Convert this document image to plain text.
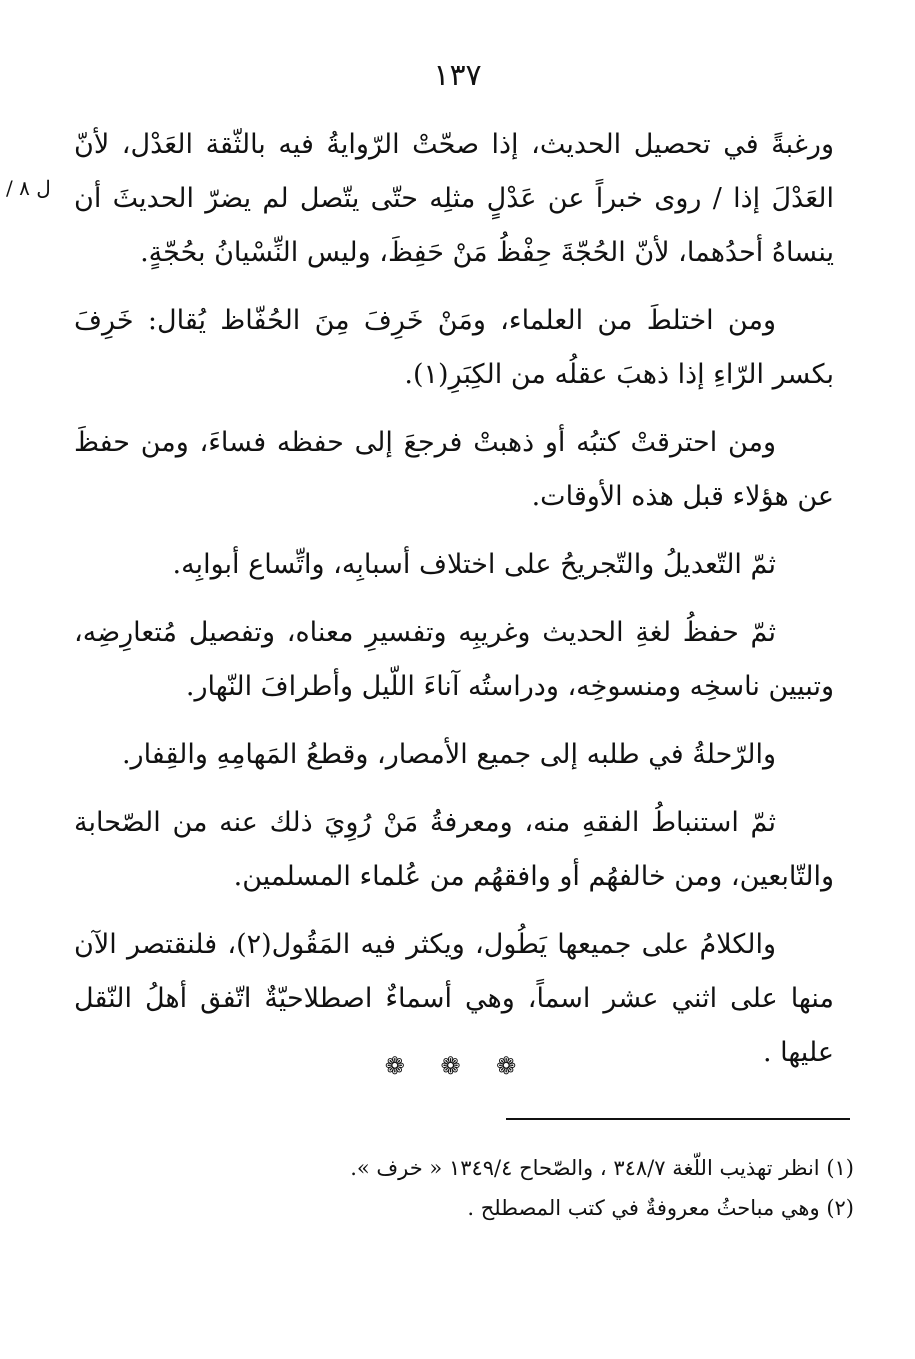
١٣٧
ل ٨ /

ورغبةً في تحصيل الحديث، إذا صحّتْ الرّوايةُ فيه بالثّقة العَدْل، لأنّ العَدْلَ إذا / روى خبراً عن عَدْلٍ مثلِه حتّى يتّصل لم يضرّ الحديثَ أن ينساهُ أحدُهما، لأنّ الحُجّةَ حِفْظُ مَنْ حَفِظَ، وليس النِّسْيانُ بحُجّةٍ.

ومن اختلطَ من العلماء، ومَنْ خَرِفَ مِنَ الحُفّاظ يُقال: خَرِفَ بكسر الرّاءِ إذا ذهبَ عقلُه من الكِبَرِ(١).

ومن احترقتْ كتبُه أو ذهبتْ فرجعَ إلى حفظه فساءَ، ومن حفظَ عن هؤلاء قبل هذه الأوقات.

ثمّ التّعديلُ والتّجريحُ على اختلاف أسبابِه، واتِّساع أبوابِه.

ثمّ حفظُ لغةِ الحديث وغريبِه وتفسيرِ معناه، وتفصيل مُتعارِضِه، وتبيين ناسخِه ومنسوخِه، ودراستُه آناءَ اللّيل وأطرافَ النّهار.

والرّحلةُ في طلبه إلى جميع الأمصار، وقطعُ المَهامِهِ والقِفار.

ثمّ استنباطُ الفقهِ منه، ومعرفةُ مَنْ رُوِيَ ذلك عنه من الصّحابة والتّابعين، ومن خالفهُم أو وافقهُم من عُلماء المسلمين.

والكلامُ على جميعها يَطُول، ويكثر فيه المَقُول(٢)، فلنقتصر الآن منها على اثني عشر اسماً، وهي أسماءٌ اصطلاحيّةٌ اتّفق أهلُ النّقل عليها .

❁ ❁ ❁

(١) انظر تهذيب اللّغة ٣٤٨/٧ ، والصّحاح ١٣٤٩/٤ « خرف ».

(٢) وهي مباحثُ معروفةٌ في كتب المصطلح .
